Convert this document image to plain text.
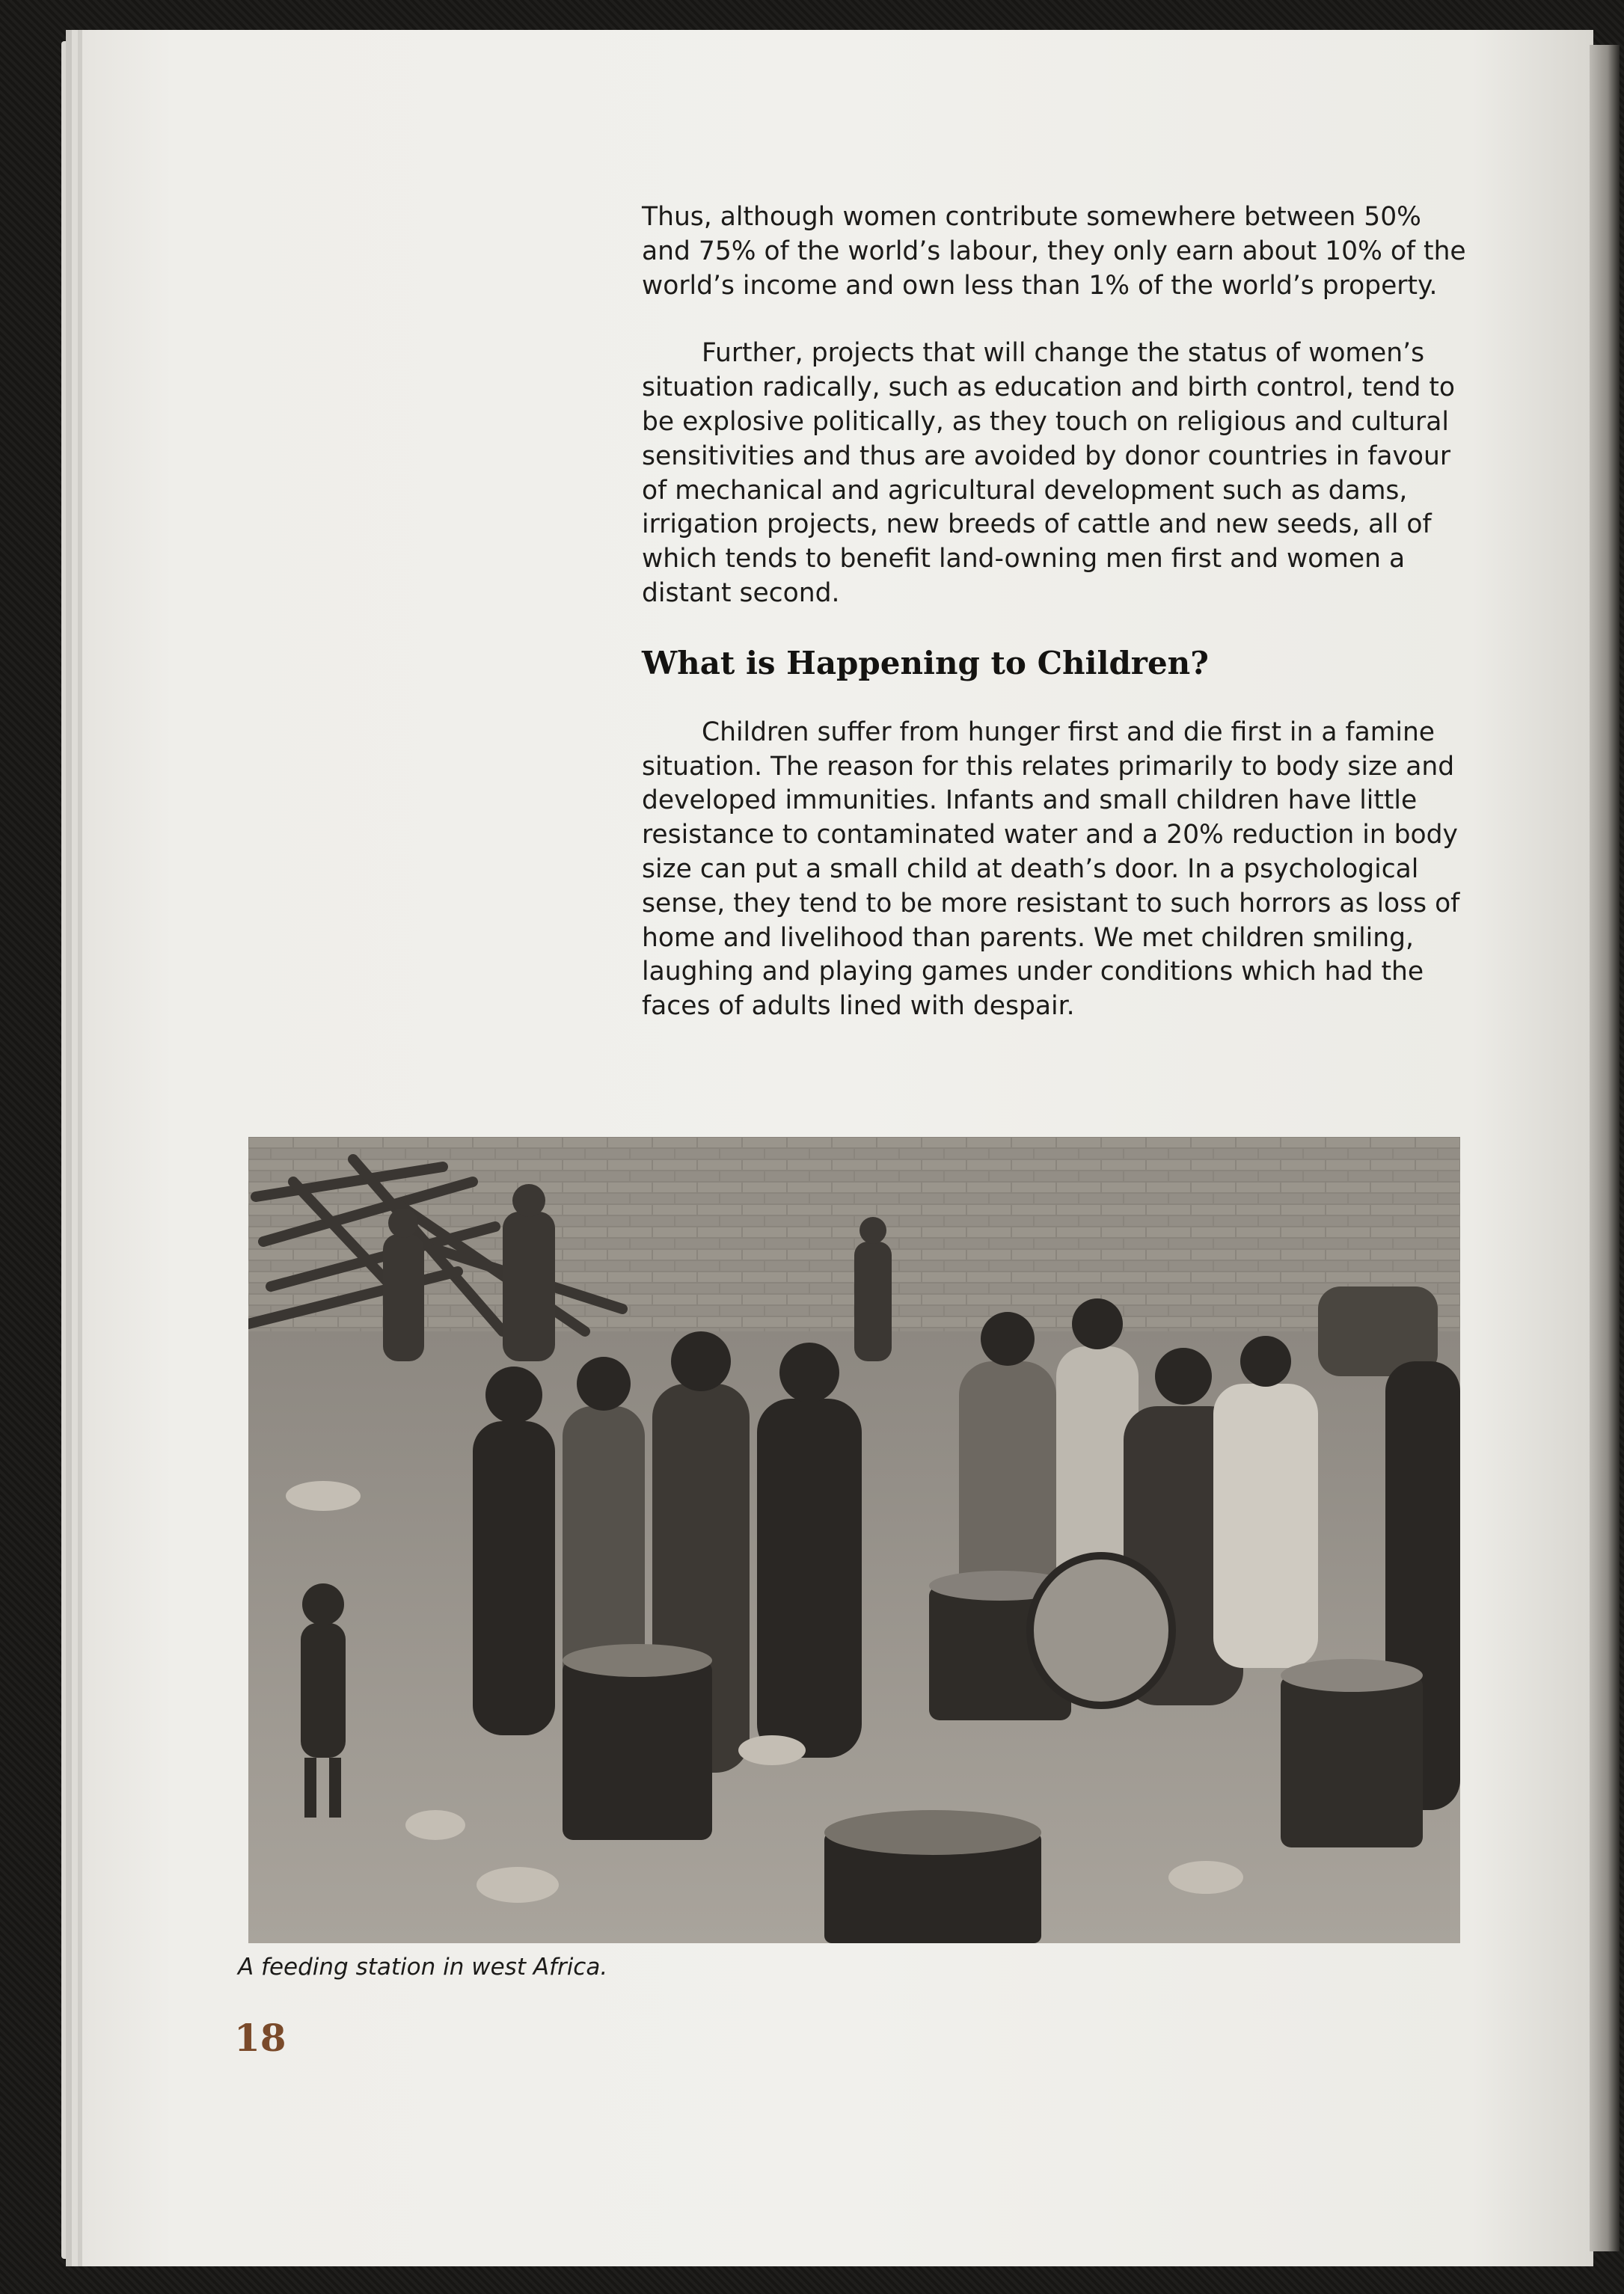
Thus, although women contribute somewhere between 50% and 75% of the world’s labour, they only earn about 10% of the world’s income and own less than 1% of the world’s property.

Further, projects that will change the status of women’s situation radically, such as education and birth control, tend to be explosive politically, as they touch on religious and cultural sensitivities and thus are avoided by donor countries in favour of mechanical and agricultural development such as dams, irrigation projects, new breeds of cattle and new seeds, all of which tends to benefit land-owning men first and women a distant second.

What is Happening to Children?

Children suffer from hunger first and die first in a famine situation. The reason for this relates primarily to body size and developed immunities. Infants and small children have little resistance to contaminated water and a 20% reduction in body size can put a small child at death’s door. In a psychological sense, they tend to be more resistant to such horrors as loss of home and livelihood than parents. We met children smiling, laughing and playing games under conditions which had the faces of adults lined with despair.

A feeding station in west Africa.
18
